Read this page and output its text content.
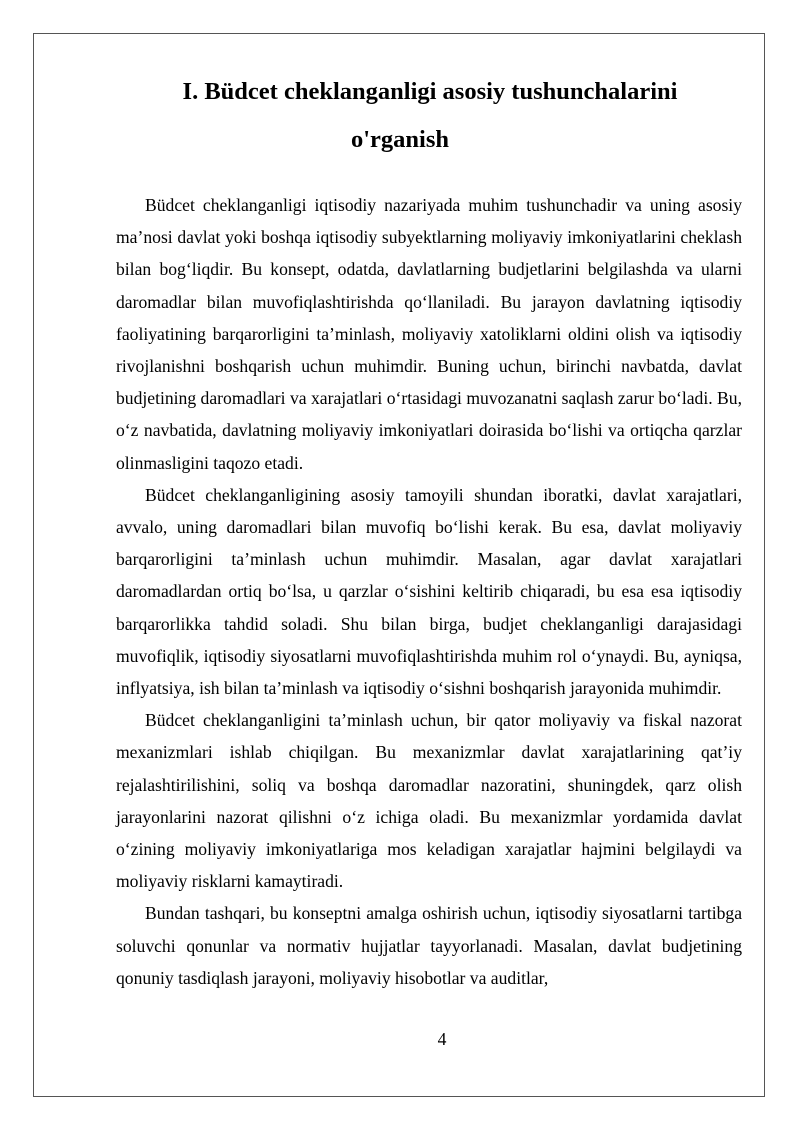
I. Büdcet cheklanganligi asosiy tushunchalarini
o'rganish

Büdcet cheklanganligi iqtisodiy nazariyada muhim tushunchadir va uning asosiy ma’nosi davlat yoki boshqa iqtisodiy subyektlarning moliyaviy imkoniyatlarini cheklash bilan bog‘liqdir. Bu konsept, odatda, davlatlarning budjetlarini belgilashda va ularni daromadlar bilan muvofiqlashtirishda qo‘llaniladi. Bu jarayon davlatning iqtisodiy faoliyatining barqarorligini ta’minlash, moliyaviy xatoliklarni oldini olish va iqtisodiy rivojlanishni boshqarish uchun muhimdir. Buning uchun, birinchi navbatda, davlat budjetining daromadlari va xarajatlari o‘rtasidagi muvozanatni saqlash zarur bo‘ladi. Bu, o‘z navbatida, davlatning moliyaviy imkoniyatlari doirasida bo‘lishi va ortiqcha qarzlar olinmasligini taqozo etadi.

Büdcet cheklanganligining asosiy tamoyili shundan iboratki, davlat xarajatlari, avvalo, uning daromadlari bilan muvofiq bo‘lishi kerak. Bu esa, davlat moliyaviy barqarorligini ta’minlash uchun muhimdir. Masalan, agar davlat xarajatlari daromadlardan ortiq bo‘lsa, u qarzlar o‘sishini keltirib chiqaradi, bu esa esa iqtisodiy barqarorlikka tahdid soladi. Shu bilan birga, budjet cheklanganligi darajasidagi muvofiqlik, iqtisodiy siyosatlarni muvofiqlashtirishda muhim rol o‘ynaydi. Bu, ayniqsa, inflyatsiya, ish bilan ta’minlash va iqtisodiy o‘sishni boshqarish jarayonida muhimdir.

Büdcet cheklanganligini ta’minlash uchun, bir qator moliyaviy va fiskal nazorat mexanizmlari ishlab chiqilgan. Bu mexanizmlar davlat xarajatlarining qat’iy rejalashtirilishini, soliq va boshqa daromadlar nazoratini, shuningdek, qarz olish jarayonlarini nazorat qilishni o‘z ichiga oladi. Bu mexanizmlar yordamida davlat o‘zining moliyaviy imkoniyatlariga mos keladigan xarajatlar hajmini belgilaydi va moliyaviy risklarni kamaytiradi.

Bundan tashqari, bu konseptni amalga oshirish uchun, iqtisodiy siyosatlarni tartibga soluvchi qonunlar va normativ hujjatlar tayyorlanadi. Masalan, davlat budjetining qonuniy tasdiqlash jarayoni, moliyaviy hisobotlar va auditlar,

4
